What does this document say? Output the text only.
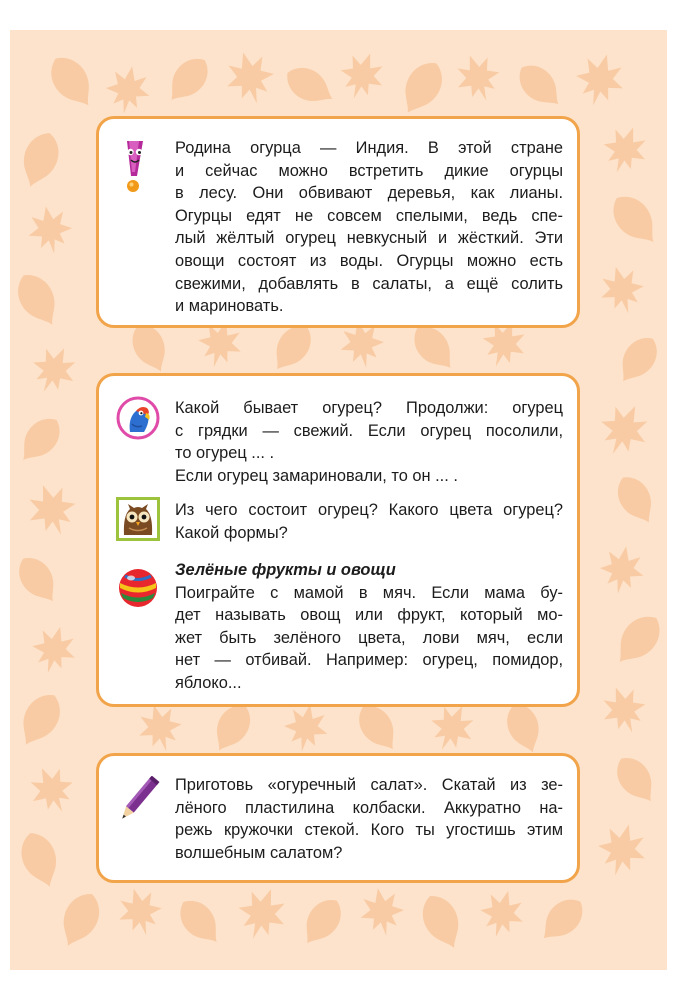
Родина огурца — Индия. В этой стране
и сейчас можно встретить дикие огурцы
в лесу. Они обвивают деревья, как лианы.
Огурцы едят не совсем спелыми, ведь спе-
лый жёлтый огурец невкусный и жёсткий. Эти
овощи состоят из воды. Огурцы можно есть
свежими, добавлять в салаты, а ещё солить
и мариновать.
Какой бывает огурец? Продолжи: огурец
с грядки — свежий. Если огурец посолили,
то огурец ... .
Если огурец замариновали, то он ... .
Из чего состоит огурец? Какого цвета огурец?
Какой формы?
Зелёные фрукты и овощи
Поиграйте с мамой в мяч. Если мама бу-
дет называть овощ или фрукт, который мо-
жет быть зелёного цвета, лови мяч, если
нет — отбивай. Например: огурец, помидор,
яблоко...
Приготовь «огуречный салат». Скатай из зе-
лёного пластилина колбаски. Аккуратно на-
режь кружочки стекой. Кого ты угостишь этим
волшебным салатом?
